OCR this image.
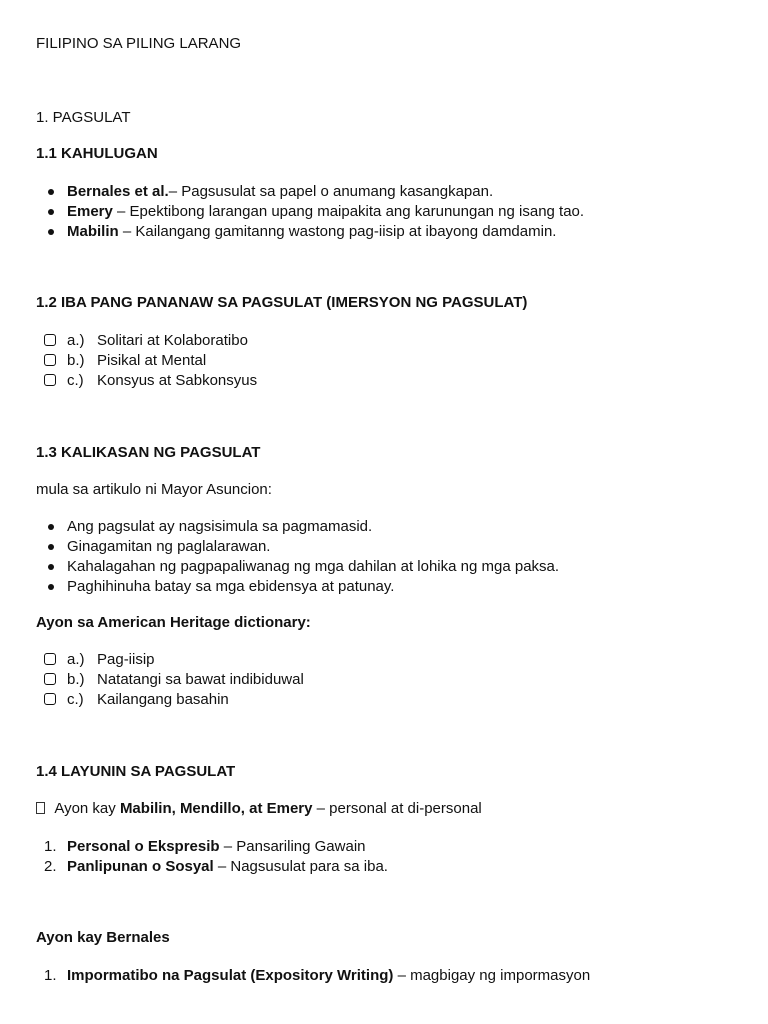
FILIPINO SA PILING LARANG
1. PAGSULAT
1.1 KAHULUGAN
Bernales et al.– Pagsusulat sa papel o anumang kasangkapan.
Emery – Epektibong larangan upang maipakita ang karunungan ng isang tao.
Mabilin – Kailangang gamitanng wastong pag-iisip at ibayong damdamin.
1.2 IBA PANG PANANAW SA PAGSULAT (IMERSYON NG PAGSULAT)
a.) Solitari at Kolaboratibo
b.) Pisikal at Mental
c.) Konsyus at Sabkonsyus
1.3 KALIKASAN NG PAGSULAT
mula sa artikulo ni Mayor Asuncion:
Ang pagsulat ay nagsisimula sa pagmamasid.
Ginagamitan ng paglalarawan.
Kahalagahan ng pagpapaliwanag ng mga dahilan at lohika ng mga paksa.
Paghihinuha batay sa mga ebidensya at patunay.
Ayon sa American Heritage dictionary:
a.) Pag-iisip
b.) Natatangi sa bawat indibiduwal
c.) Kailangang basahin
1.4 LAYUNIN SA PAGSULAT
Ayon kay Mabilin, Mendillo, at Emery – personal at di-personal
1. Personal o Ekspresib – Pansariling Gawain
2. Panlipunan o Sosyal – Nagsusulat para sa iba.
Ayon kay Bernales
1. Impormatibo na Pagsulat (Expository Writing) – magbigay ng impormasyon
